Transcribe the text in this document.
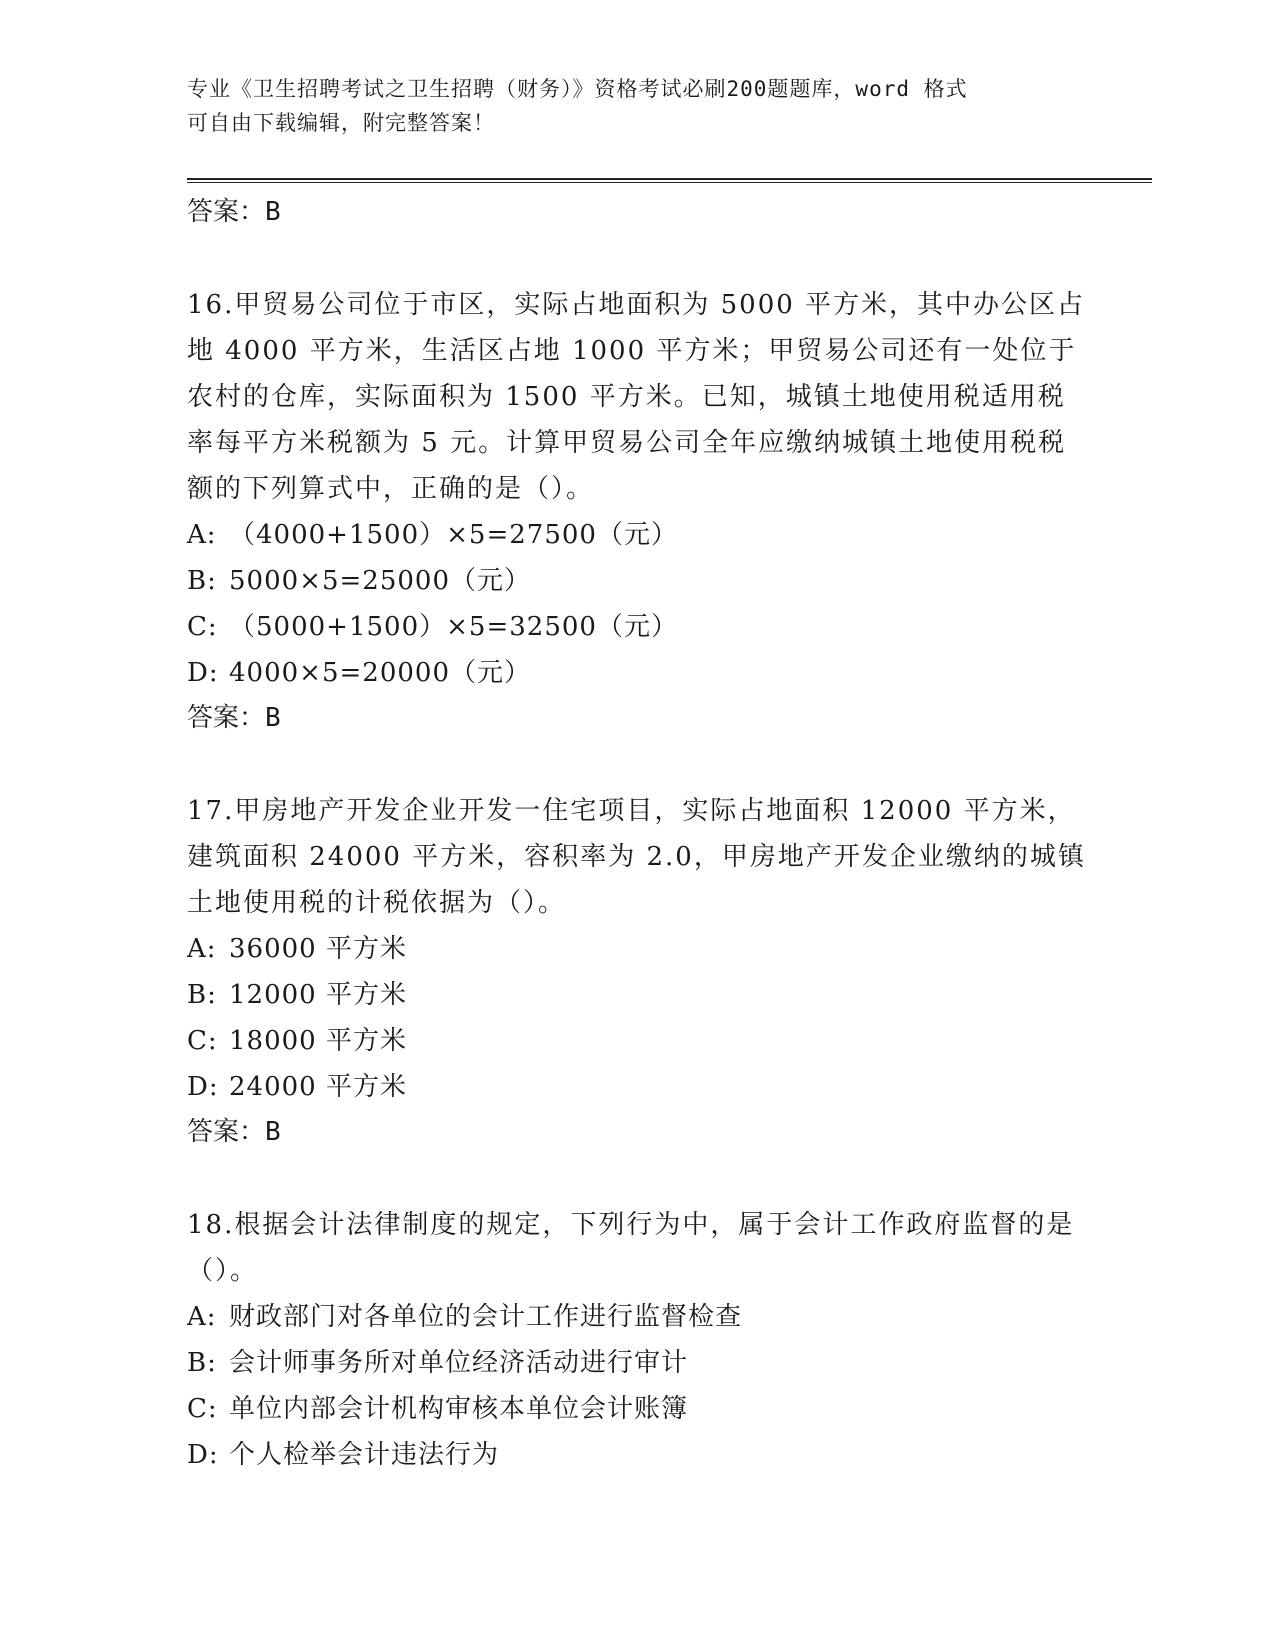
专业《卫生招聘考试之卫生招聘（财务）》资格考试必刷200题题库，word 格式
可自由下载编辑，附完整答案！

答案：B

16.甲贸易公司位于市区，实际占地面积为 5000 平方米，其中办公区占地 4000 平方米，生活区占地 1000 平方米；甲贸易公司还有一处位于农村的仓库，实际面积为 1500 平方米。已知，城镇土地使用税适用税率每平方米税额为 5 元。计算甲贸易公司全年应缴纳城镇土地使用税税额的下列算式中，正确的是（）。

A: （4000+1500）×5=27500（元）

B: 5000×5=25000（元）

C: （5000+1500）×5=32500（元）

D: 4000×5=20000（元）

答案：B

17.甲房地产开发企业开发一住宅项目，实际占地面积 12000 平方米，建筑面积 24000 平方米，容积率为 2.0，甲房地产开发企业缴纳的城镇土地使用税的计税依据为（）。

A: 36000 平方米

B: 12000 平方米

C: 18000 平方米

D: 24000 平方米

答案：B

18.根据会计法律制度的规定，下列行为中，属于会计工作政府监督的是（）。

A: 财政部门对各单位的会计工作进行监督检查

B: 会计师事务所对单位经济活动进行审计

C: 单位内部会计机构审核本单位会计账簿

D: 个人检举会计违法行为
